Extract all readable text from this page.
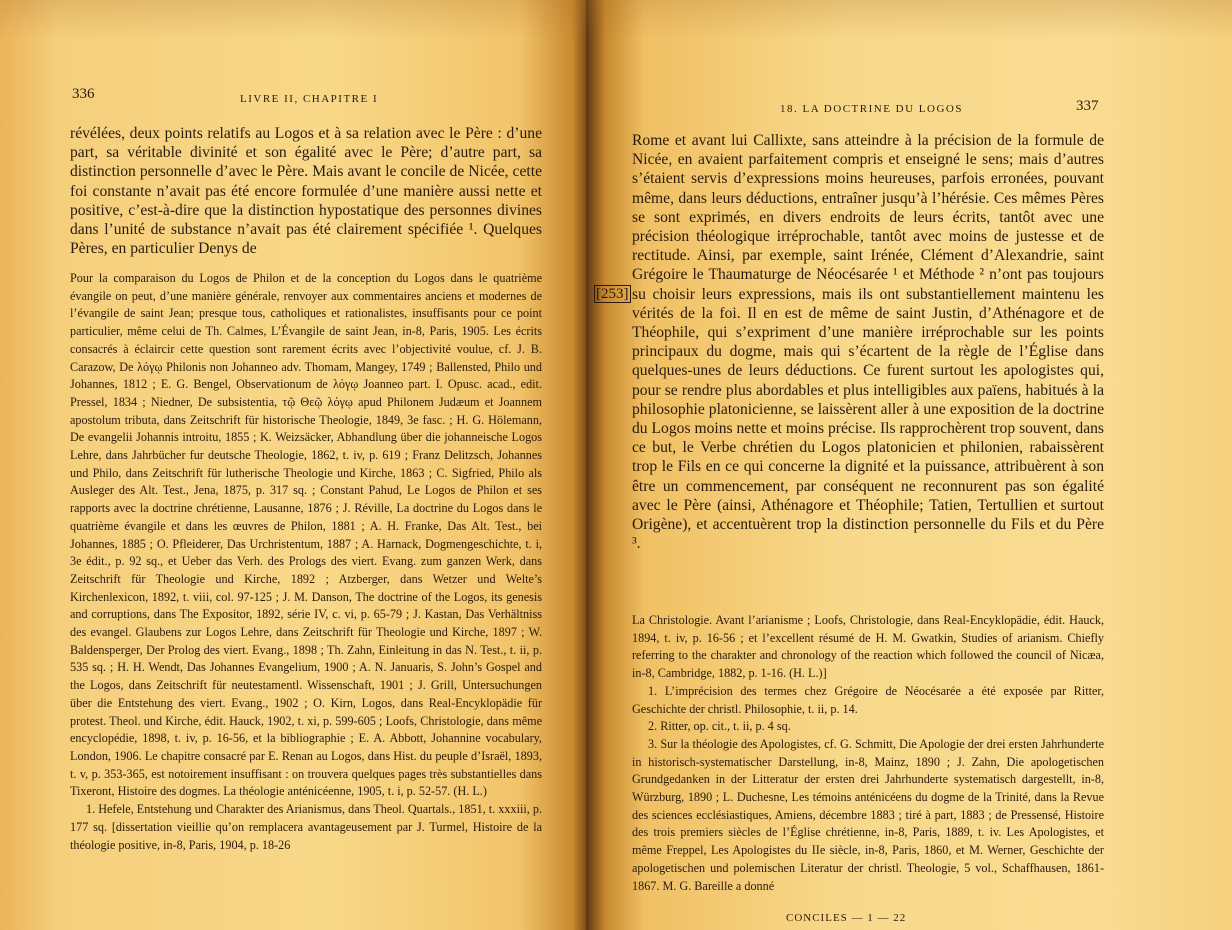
336	LIVRE II, CHAPITRE I

révélées, deux points relatifs au Logos et à sa relation avec le Père : d’une part, sa véritable divinité et son égalité avec le Père; d’autre part, sa distinction personnelle d’avec le Père. Mais avant le concile de Nicée, cette foi constante n’avait pas été encore formulée d’une manière aussi nette et positive, c’est-à-dire que la distinction hypostatique des personnes divines dans l’unité de substance n’avait pas été clairement spécifiée ¹. Quelques Pères, en particulier Denys de

Pour la comparaison du Logos de Philon et de la conception du Logos dans le quatrième évangile on peut, d’une manière générale, renvoyer aux commentaires anciens et modernes de l’évangile de saint Jean; presque tous, catholiques et rationalistes, insuffisants pour ce point particulier, même celui de Th. Calmes, L’Évangile de saint Jean, in-8, Paris, 1905. Les écrits consacrés à éclaircir cette question sont rarement écrits avec l’objectivité voulue, cf. J. B. Carazow, De λόγῳ Philonis non Johanneo adv. Thomam, Mangey, 1749 ; Ballensted, Philo und Johannes, 1812 ; E. G. Bengel, Observationum de λόγῳ Joanneo part. I. Opusc. acad., edit. Pressel, 1834 ; Niedner, De subsistentia, τῷ Θεῷ λόγῳ apud Philonem Judæum et Joannem apostolum tributa, dans Zeitschrift für historische Theologie, 1849, 3e fasc. ; H. G. Hölemann, De evangelii Johannis introitu, 1855 ; K. Weizsäcker, Abhandlung über die johanneische Logos Lehre, dans Jahrbücher fur deutsche Theologie, 1862, t. iv, p. 619 ; Franz Delitzsch, Johannes und Philo, dans Zeitschrift für lutherische Theologie und Kirche, 1863 ; C. Sigfried, Philo als Ausleger des Alt. Test., Jena, 1875, p. 317 sq. ; Constant Pahud, Le Logos de Philon et ses rapports avec la doctrine chrétienne, Lausanne, 1876 ; J. Réville, La doctrine du Logos dans le quatrième évangile et dans les œuvres de Philon, 1881 ; A. H. Franke, Das Alt. Test., bei Johannes, 1885 ; O. Pfleiderer, Das Urchristentum, 1887 ; A. Harnack, Dogmengeschichte, t. i, 3e édit., p. 92 sq., et Ueber das Verh. des Prologs des viert. Evang. zum ganzen Werk, dans Zeitschrift für Theologie und Kirche, 1892 ; Atzberger, dans Wetzer und Welte’s Kirchenlexicon, 1892, t. viii, col. 97-125 ; J. M. Danson, The doctrine of the Logos, its genesis and corruptions, dans The Expositor, 1892, série IV, c. vi, p. 65-79 ; J. Kastan, Das Verhältniss des evangel. Glaubens zur Logos Lehre, dans Zeitschrift für Theologie und Kirche, 1897 ; W. Baldensperger, Der Prolog des viert. Evang., 1898 ; Th. Zahn, Einleitung in das N. Test., t. ii, p. 535 sq. ; H. H. Wendt, Das Johannes Evangelium, 1900 ; A. N. Januaris, S. John’s Gospel and the Logos, dans Zeitschrift für neutestamentl. Wissenschaft, 1901 ; J. Grill, Untersuchungen über die Entstehung des viert. Evang., 1902 ; O. Kirn, Logos, dans Real-Encyklopädie für protest. Theol. und Kirche, édit. Hauck, 1902, t. xi, p. 599-605 ; Loofs, Christologie, dans même encyclopédie, 1898, t. iv, p. 16-56, et la bibliographie ; E. A. Abbott, Johannine vocabulary, London, 1906. Le chapitre consacré par E. Renan au Logos, dans Hist. du peuple d’Israël, 1893, t. v, p. 353-365, est notoirement insuffisant : on trouvera quelques pages très substantielles dans Tixeront, Histoire des dogmes. La théologie anténicéenne, 1905, t. i, p. 52-57. (H. L.)

1. Hefele, Entstehung und Charakter des Arianismus, dans Theol. Quartals., 1851, t. xxxiii, p. 177 sq. [dissertation vieillie qu’on remplacera avantageusement par J. Turmel, Histoire de la théologie positive, in-8, Paris, 1904, p. 18-26

18. LA DOCTRINE DU LOGOS	337
[253]

Rome et avant lui Callixte, sans atteindre à la précision de la formule de Nicée, en avaient parfaitement compris et enseigné le sens; mais d’autres s’étaient servis d’expressions moins heureuses, parfois erronées, pouvant même, dans leurs déductions, entraîner jusqu’à l’hérésie. Ces mêmes Pères se sont exprimés, en divers endroits de leurs écrits, tantôt avec une précision théologique irréprochable, tantôt avec moins de justesse et de rectitude. Ainsi, par exemple, saint Irénée, Clément d’Alexandrie, saint Grégoire le Thaumaturge de Néocésarée ¹ et Méthode ² n’ont pas toujours su choisir leurs expressions, mais ils ont substantiellement maintenu les vérités de la foi. Il en est de même de saint Justin, d’Athénagore et de Théophile, qui s’expriment d’une manière irréprochable sur les points principaux du dogme, mais qui s’écartent de la règle de l’Église dans quelques-unes de leurs déductions. Ce furent surtout les apologistes qui, pour se rendre plus abordables et plus intelligibles aux païens, habitués à la philosophie platonicienne, se laissèrent aller à une exposition de la doctrine du Logos moins nette et moins précise. Ils rapprochèrent trop souvent, dans ce but, le Verbe chrétien du Logos platonicien et philonien, rabaissèrent trop le Fils en ce qui concerne la dignité et la puissance, attribuèrent à son être un commencement, par conséquent ne reconnurent pas son égalité avec le Père (ainsi, Athénagore et Théophile; Tatien, Tertullien et surtout Origène), et accentuèrent trop la distinction personnelle du Fils et du Père ³.

La Christologie. Avant l’arianisme ; Loofs, Christologie, dans Real-Encyklopädie, édit. Hauck, 1894, t. iv, p. 16-56 ; et l’excellent résumé de H. M. Gwatkin, Studies of arianism. Chiefly referring to the charakter and chronology of the reaction which followed the council of Nicæa, in-8, Cambridge, 1882, p. 1-16. (H. L.)]

1. L’imprécision des termes chez Grégoire de Néocésarée a été exposée par Ritter, Geschichte der christl. Philosophie, t. ii, p. 14.

2. Ritter, op. cit., t. ii, p. 4 sq.

3. Sur la théologie des Apologistes, cf. G. Schmitt, Die Apologie der drei ersten Jahrhunderte in historisch-systematischer Darstellung, in-8, Mainz, 1890 ; J. Zahn, Die apologetischen Grundgedanken in der Litteratur der ersten drei Jahrhunderte systematisch dargestellt, in-8, Würzburg, 1890 ; L. Duchesne, Les témoins anténicéens du dogme de la Trinité, dans la Revue des sciences ecclésiastiques, Amiens, décembre 1883 ; tiré à part, 1883 ; de Pressensé, Histoire des trois premiers siècles de l’Église chrétienne, in-8, Paris, 1889, t. iv. Les Apologistes, et même Freppel, Les Apologistes du IIe siècle, in-8, Paris, 1860, et M. Werner, Geschichte der apologetischen und polemischen Literatur der christl. Theologie, 5 vol., Schaffhausen, 1861-1867. M. G. Bareille a donné

CONCILES — 1 — 22
